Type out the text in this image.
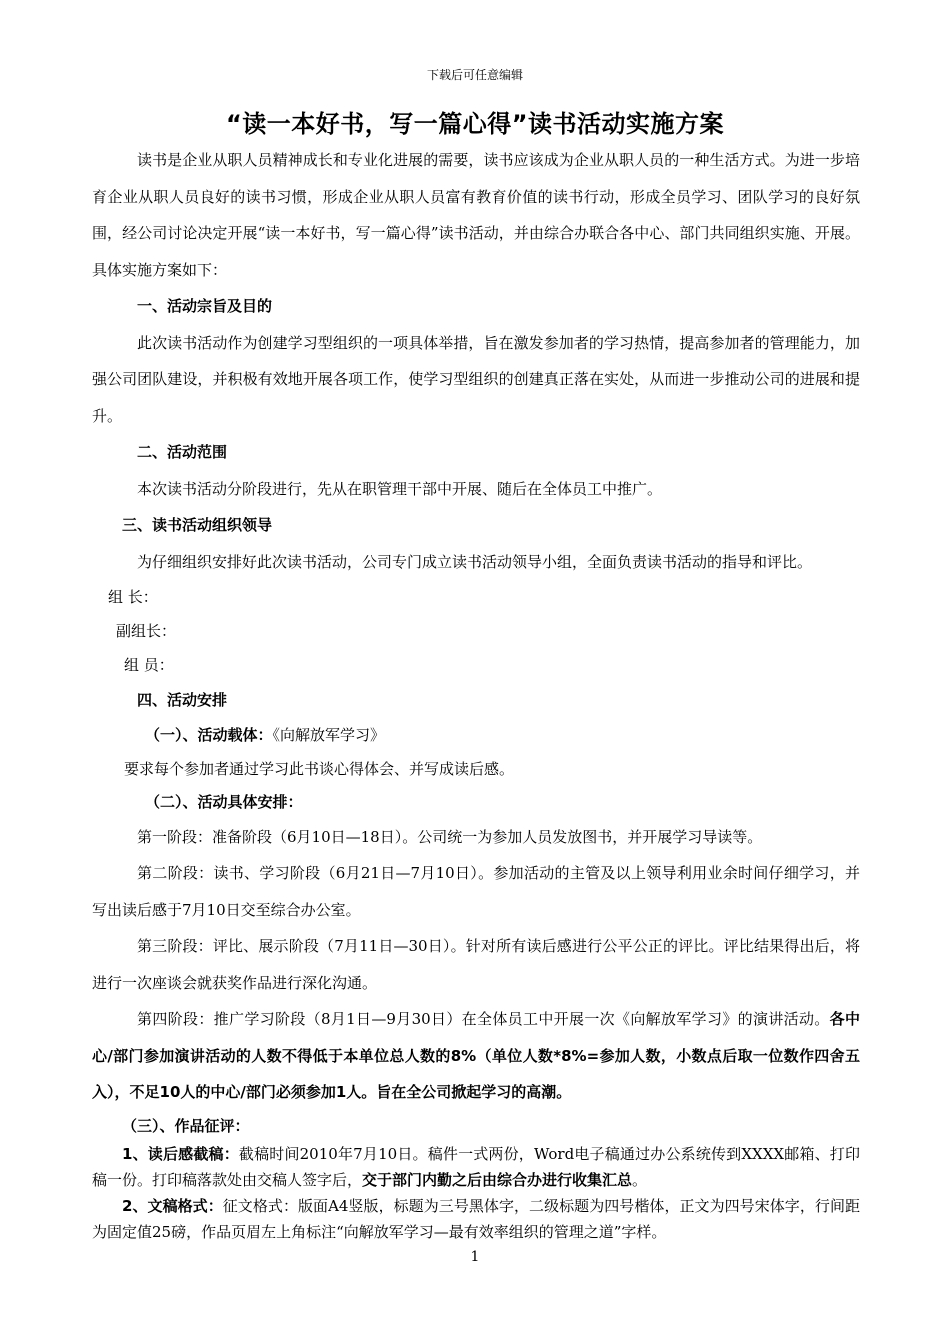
下载后可任意编辑
“读一本好书，写一篇心得”读书活动实施方案

读书是企业从职人员精神成长和专业化进展的需要，读书应该成为企业从职人员的一种生活方式。为进一步培育企业从职人员良好的读书习惯，形成企业从职人员富有教育价值的读书行动，形成全员学习、团队学习的良好氛围，经公司讨论决定开展“读一本好书，写一篇心得”读书活动，并由综合办联合各中心、部门共同组织实施、开展。具体实施方案如下：

一、活动宗旨及目的

此次读书活动作为创建学习型组织的一项具体举措，旨在激发参加者的学习热情，提高参加者的管理能力，加强公司团队建设，并积极有效地开展各项工作，使学习型组织的创建真正落在实处，从而进一步推动公司的进展和提升。

二、活动范围

本次读书活动分阶段进行，先从在职管理干部中开展、随后在全体员工中推广。

三、读书活动组织领导

为仔细组织安排好此次读书活动，公司专门成立读书活动领导小组，全面负责读书活动的指导和评比。

组 长：

副组长：

组 员：

四、活动安排

（一）、活动载体：《向解放军学习》

要求每个参加者通过学习此书谈心得体会、并写成读后感。

（二）、活动具体安排：

第一阶段：准备阶段（6月10日—18日）。公司统一为参加人员发放图书，并开展学习导读等。

第二阶段：读书、学习阶段（6月21日—7月10日）。参加活动的主管及以上领导利用业余时间仔细学习，并写出读后感于7月10日交至综合办公室。

第三阶段：评比、展示阶段（7月11日—30日）。针对所有读后感进行公平公正的评比。评比结果得出后，将进行一次座谈会就获奖作品进行深化沟通。

第四阶段：推广学习阶段（8月1日—9月30日）在全体员工中开展一次《向解放军学习》的演讲活动。各中心/部门参加演讲活动的人数不得低于本单位总人数的8%（单位人数*8%=参加人数，小数点后取一位数作四舍五入），不足10人的中心/部门必须参加1人。旨在全公司掀起学习的高潮。

（三）、作品征评：

1、读后感截稿：截稿时间2010年7月10日。稿件一式两份，Word电子稿通过办公系统传到XXXX邮箱、打印稿一份。打印稿落款处由交稿人签字后，交于部门内勤之后由综合办进行收集汇总。

2、文稿格式：征文格式：版面A4竖版，标题为三号黑体字，二级标题为四号楷体，正文为四号宋体字，行间距为固定值25磅，作品页眉左上角标注“向解放军学习—最有效率组织的管理之道”字样。

1
